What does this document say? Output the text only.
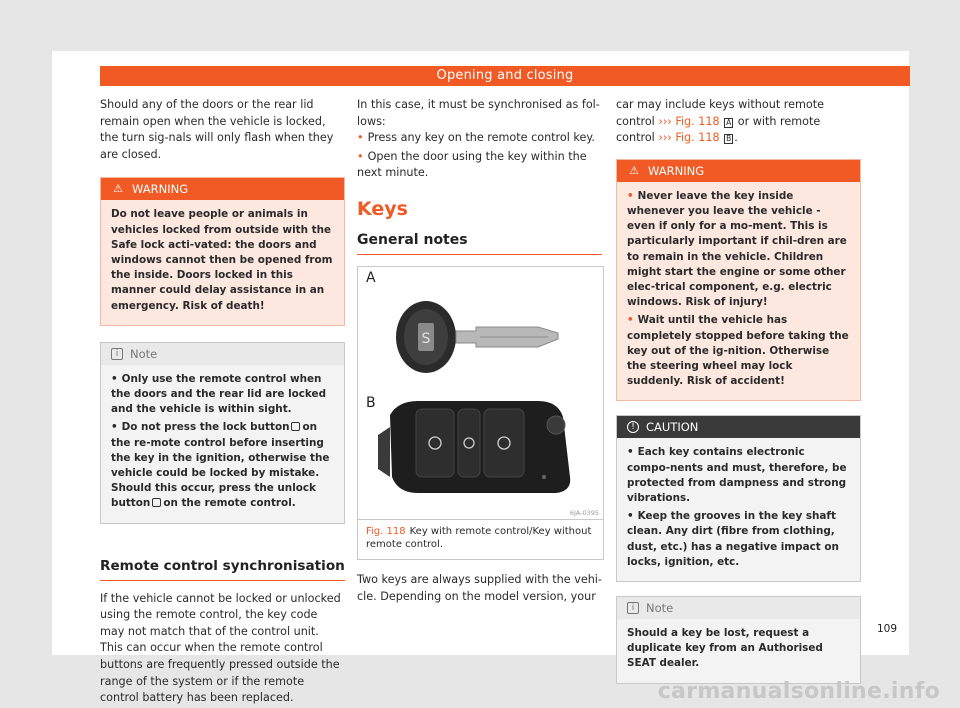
Opening and closing

Should any of the doors or the rear lid remain open when the vehicle is locked, the turn sig-nals will only flash when they are closed.

⚠ WARNING

Do not leave people or animals in vehicles locked from outside with the Safe lock acti-vated: the doors and windows cannot then be opened from the inside. Doors locked in this manner could delay assistance in an emergency. Risk of death!

i	Note

• Only use the remote control when the doors and the rear lid are locked and the vehicle is within sight.

• Do not press the lock button on the re-mote control before inserting the key in the ignition, otherwise the vehicle could be locked by mistake. Should this occur, press the unlock button on the remote control.

Remote control synchronisation

If the vehicle cannot be locked or unlocked using the remote control, the key code may not match that of the control unit. This can occur when the remote control buttons are frequently pressed outside the range of the system or if the remote control battery has been replaced.

In this case, it must be synchronised as fol-lows:

• Press any key on the remote control key.

• Open the door using the key within the next minute.

Keys
General notes
A
B
S
6JA-0395
Fig. 118 Key with remote control/Key without remote control.

Two keys are always supplied with the vehi-cle. Depending on the model version, your

car may include keys without remote control ››› Fig. 118 A or with remote control ››› Fig. 118 B .

⚠ WARNING

• Never leave the key inside whenever you leave the vehicle - even if only for a mo-ment. This is particularly important if chil-dren are to remain in the vehicle. Children might start the engine or some other elec-trical component, e.g. electric windows. Risk of injury!

• Wait until the vehicle has completely stopped before taking the key out of the ig-nition. Otherwise the steering wheel may lock suddenly. Risk of accident!

! CAUTION

• Each key contains electronic compo-nents and must, therefore, be protected from dampness and strong vibrations.

• Keep the grooves in the key shaft clean. Any dirt (fibre from clothing, dust, etc.) has a negative impact on locks, ignition, etc.

i	Note

Should a key be lost, request a duplicate key from an Authorised SEAT dealer.

109
carmanualsonline.info
